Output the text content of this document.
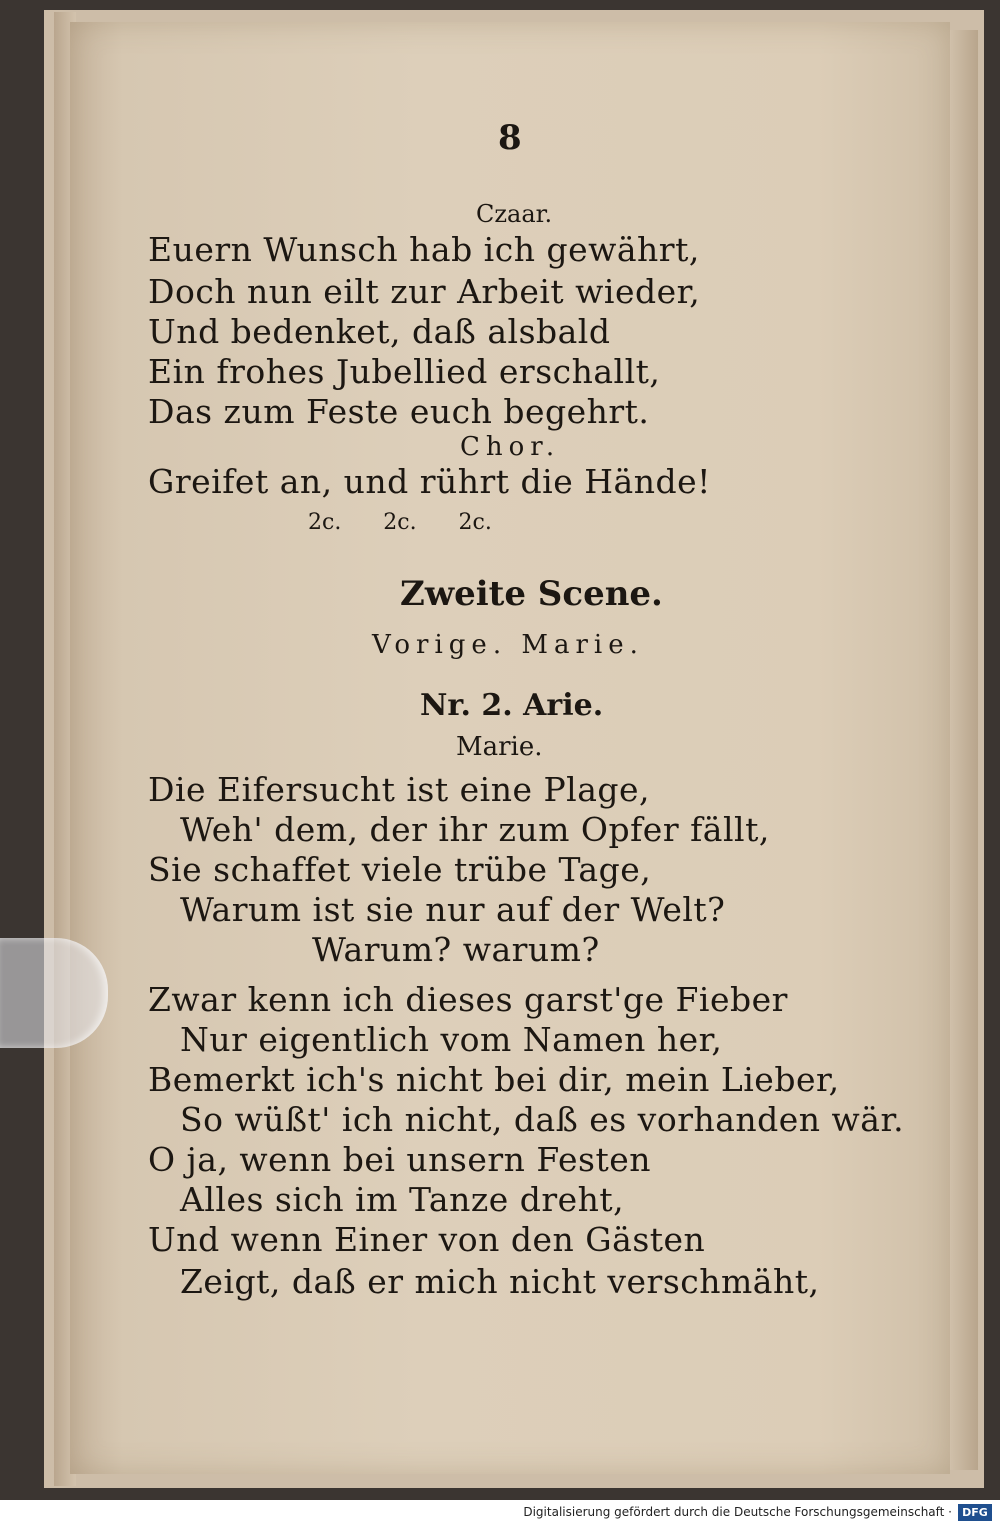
8
Czaar.
Euern Wunsch hab ich gewährt,
Doch nun eilt zur Arbeit wieder,
Und bedenket, daß alsbald
Ein frohes Jubellied erschallt,
Das zum Feste euch begehrt.
Chor.
Greifet an, und rührt die Hände!
2c.      2c.      2c.
Zweite Scene.
Vorige. Marie.
Nr. 2. Arie.
Marie.
Die Eifersucht ist eine Plage,
Weh' dem, der ihr zum Opfer fällt,
Sie schaffet viele trübe Tage,
Warum ist sie nur auf der Welt?
Warum? warum?
Zwar kenn ich dieses garst'ge Fieber
Nur eigentlich vom Namen her,
Bemerkt ich's nicht bei dir, mein Lieber,
So wüßt' ich nicht, daß es vorhanden wär.
O ja, wenn bei unsern Festen
Alles sich im Tanze dreht,
Und wenn Einer von den Gästen
Zeigt, daß er mich nicht verschmäht,
Digitalisierung gefördert durch die Deutsche Forschungsgemeinschaft · DFG
